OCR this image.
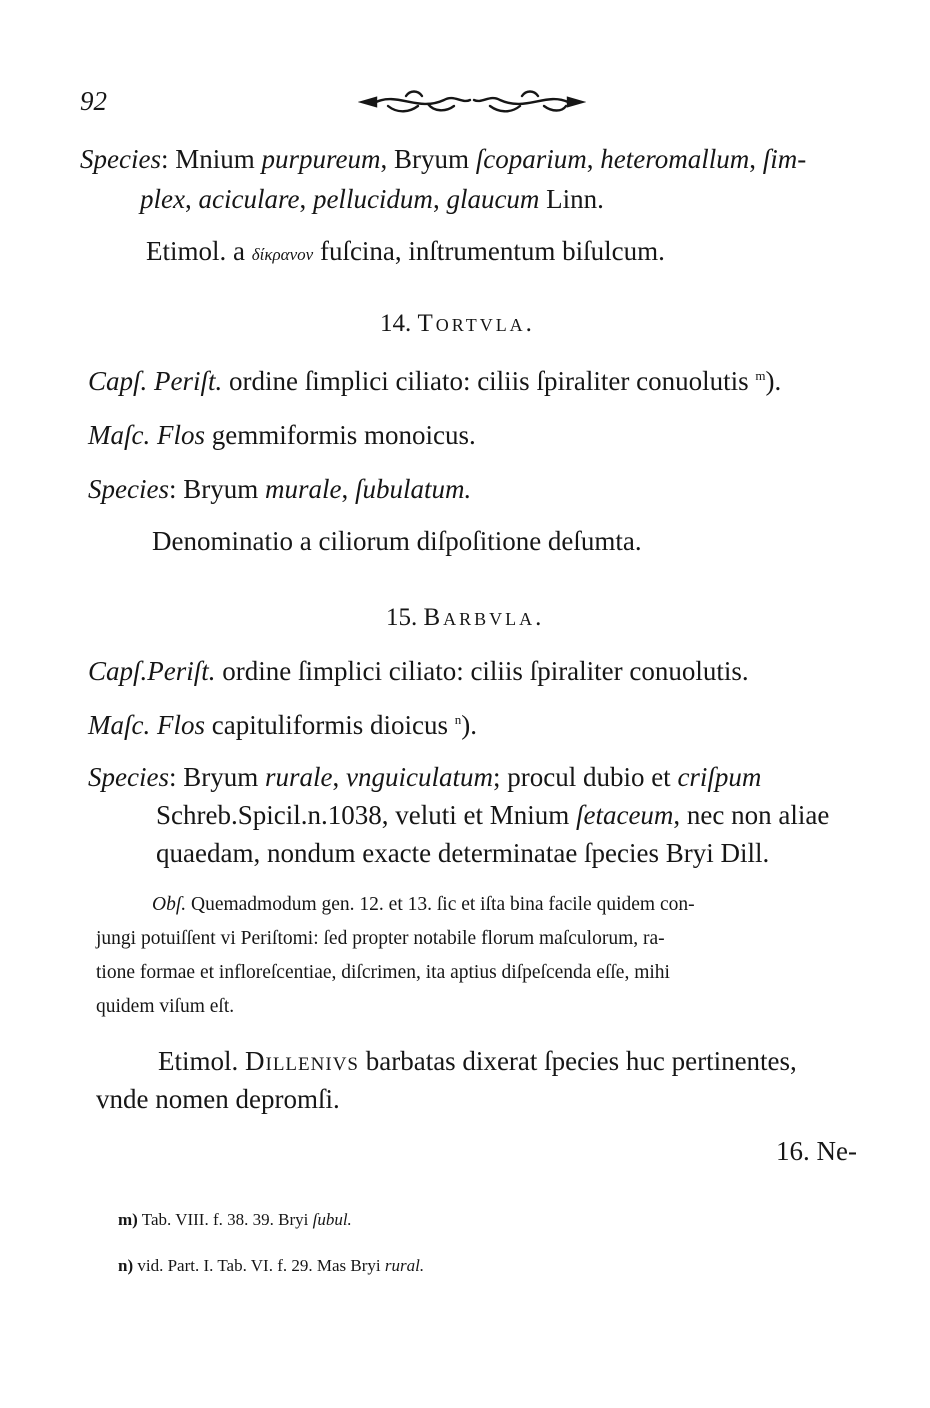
92
Species: Mnium purpureum, Bryum ſcoparium, heteromallum, ſim-
plex, aciculare, pellucidum, glaucum Linn.
Etimol. a δίκρανον fuſcina, inſtrumentum biſulcum.
14. Tortvla.
Capſ. Periſt. ordine ſimplici ciliato: ciliis ſpiraliter conuolutis $^m$).
Maſc. Flos gemmiformis monoicus.
Species: Bryum murale, ſubulatum.
Denominatio a ciliorum diſpoſitione deſumta.
15. Barbvla.
Capſ.Periſt. ordine ſimplici ciliato: ciliis ſpiraliter conuolutis.
Maſc. Flos capituliformis dioicus $^n$).
Species: Bryum rurale, vnguiculatum; procul dubio et criſpum
Schreb.Spicil.n.1038, veluti et Mnium ſetaceum, nec non aliae
quaedam, nondum exacte determinatae ſpecies Bryi Dill.
Obſ. Quemadmodum gen. 12. et 13. ſic et iſta bina facile quidem con-
jungi potuiſſent vi Periſtomi: ſed propter notabile florum maſculorum, ra-
tione formae et infloreſcentiae, diſcrimen, ita aptius diſpeſcenda eſſe, mihi
quidem viſum eſt.
Etimol. Dillenivs barbatas dixerat ſpecies huc pertinentes,
vnde nomen depromſi.
16. Ne-
m) Tab. VIII. f. 38. 39. Bryi ſubul.
n) vid. Part. I. Tab. VI. f. 29. Mas Bryi rural.
